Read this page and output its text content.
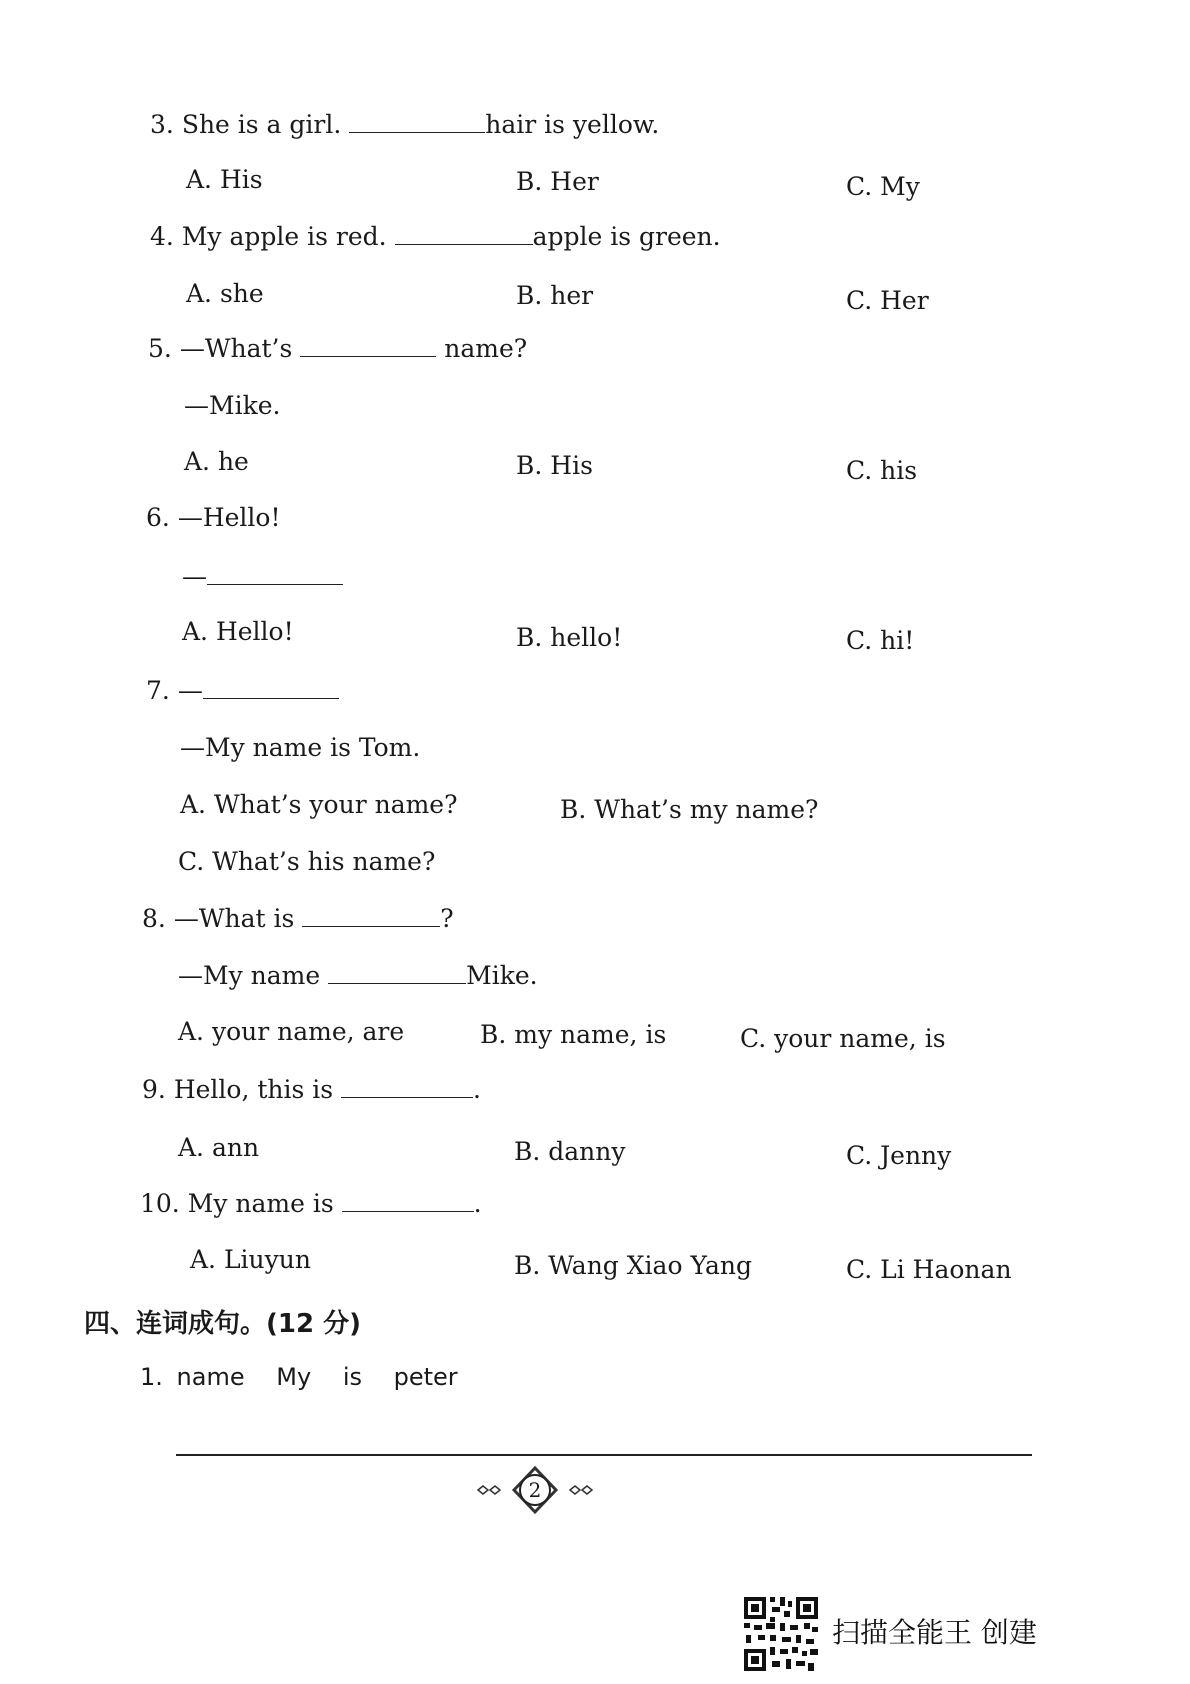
3. She is a girl.	hair is yellow.
A. His	B. Her	C. My
4. My apple is red.	apple is green.
A. she	B. her	C. Her
5. —What’s	name?
—Mike.
A. he	B. His	C. his
6. —Hello!
—
A. Hello!	B. hello!	C. hi!
7. —
—My name is Tom.
A. What’s your name?	B. What’s my name?
C. What’s his name?
8. —What is	?
—My name	Mike.
A. your name, are	B. my name, is	C. your name, is
9. Hello, this is	.
A. ann	B. danny	C. Jenny
10. My name is	.
A. Liuyun	B. Wang Xiao Yang	C. Li Haonan
四、连词成句。(12 分)
1. name My is peter
2
扫描全能王 创建
